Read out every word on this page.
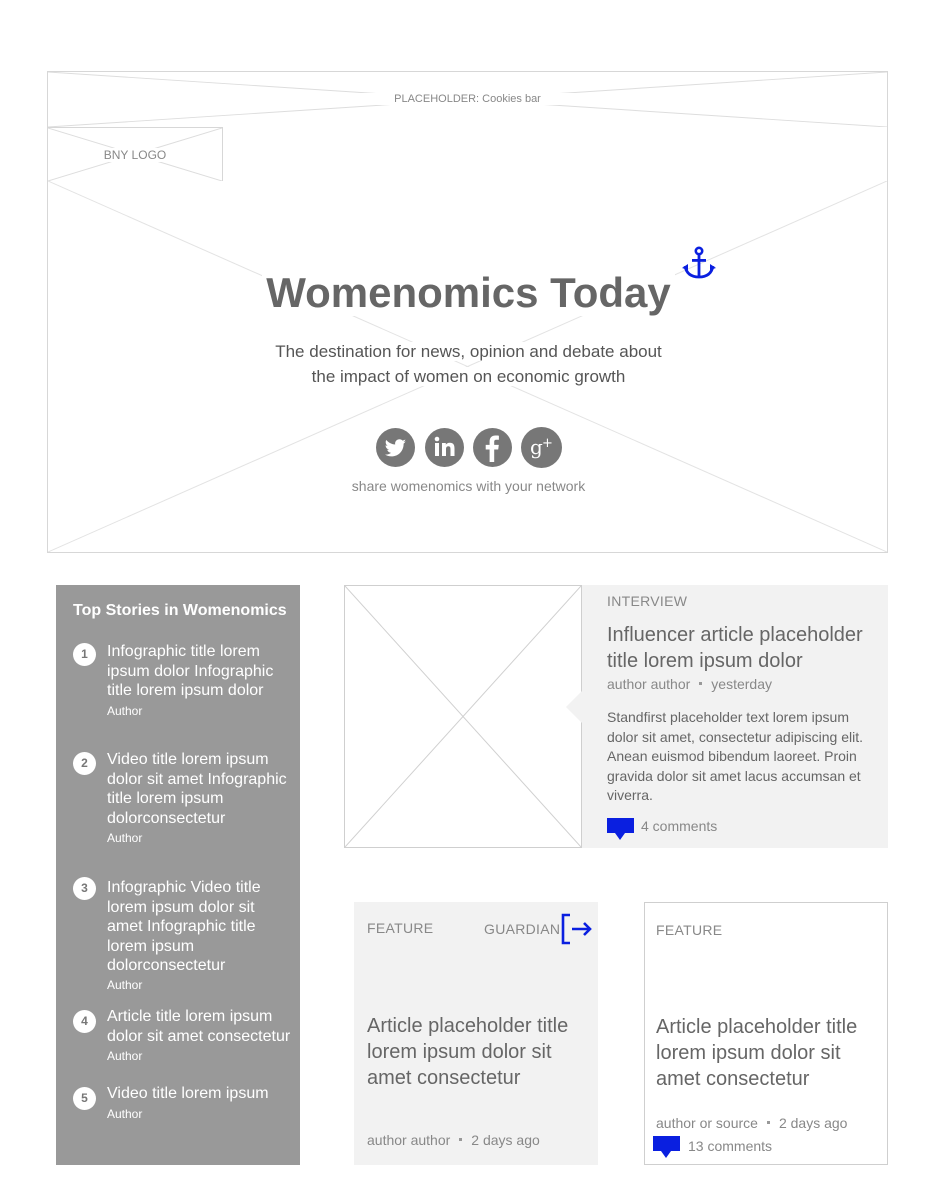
PLACEHOLDER: Cookies bar
BNY LOGO
Womenomics Today
The destination for news, opinion and debate about
the impact of women on economic growth
share womenomics with your network
g +
Top Stories in Womenomics
1	Infographic title lorem ipsum dolor Infographic title lorem ipsum dolor
Author
2	Video title lorem ipsum dolor sit amet Infographic title lorem ipsum dolorconsectetur
Author
3	Infographic Video title lorem ipsum dolor sit amet Infographic title lorem ipsum dolorconsectetur
Author
4	Article title lorem ipsum dolor sit amet consectetur
Author
5	Video title lorem ipsum
Author
INTERVIEW
Influencer article placeholder title lorem ipsum dolor
author author yesterday
Standfirst placeholder text lorem ipsum dolor sit amet, consectetur adipiscing elit. Anean euismod bibendum laoreet. Proin gravida dolor sit amet lacus accumsan et viverra.
4 comments
FEATURE	GUARDIAN
Article placeholder title lorem ipsum dolor sit amet consectetur
author author 2 days ago
FEATURE
Article placeholder title lorem ipsum dolor sit amet consectetur
author or source 2 days ago
13 comments
